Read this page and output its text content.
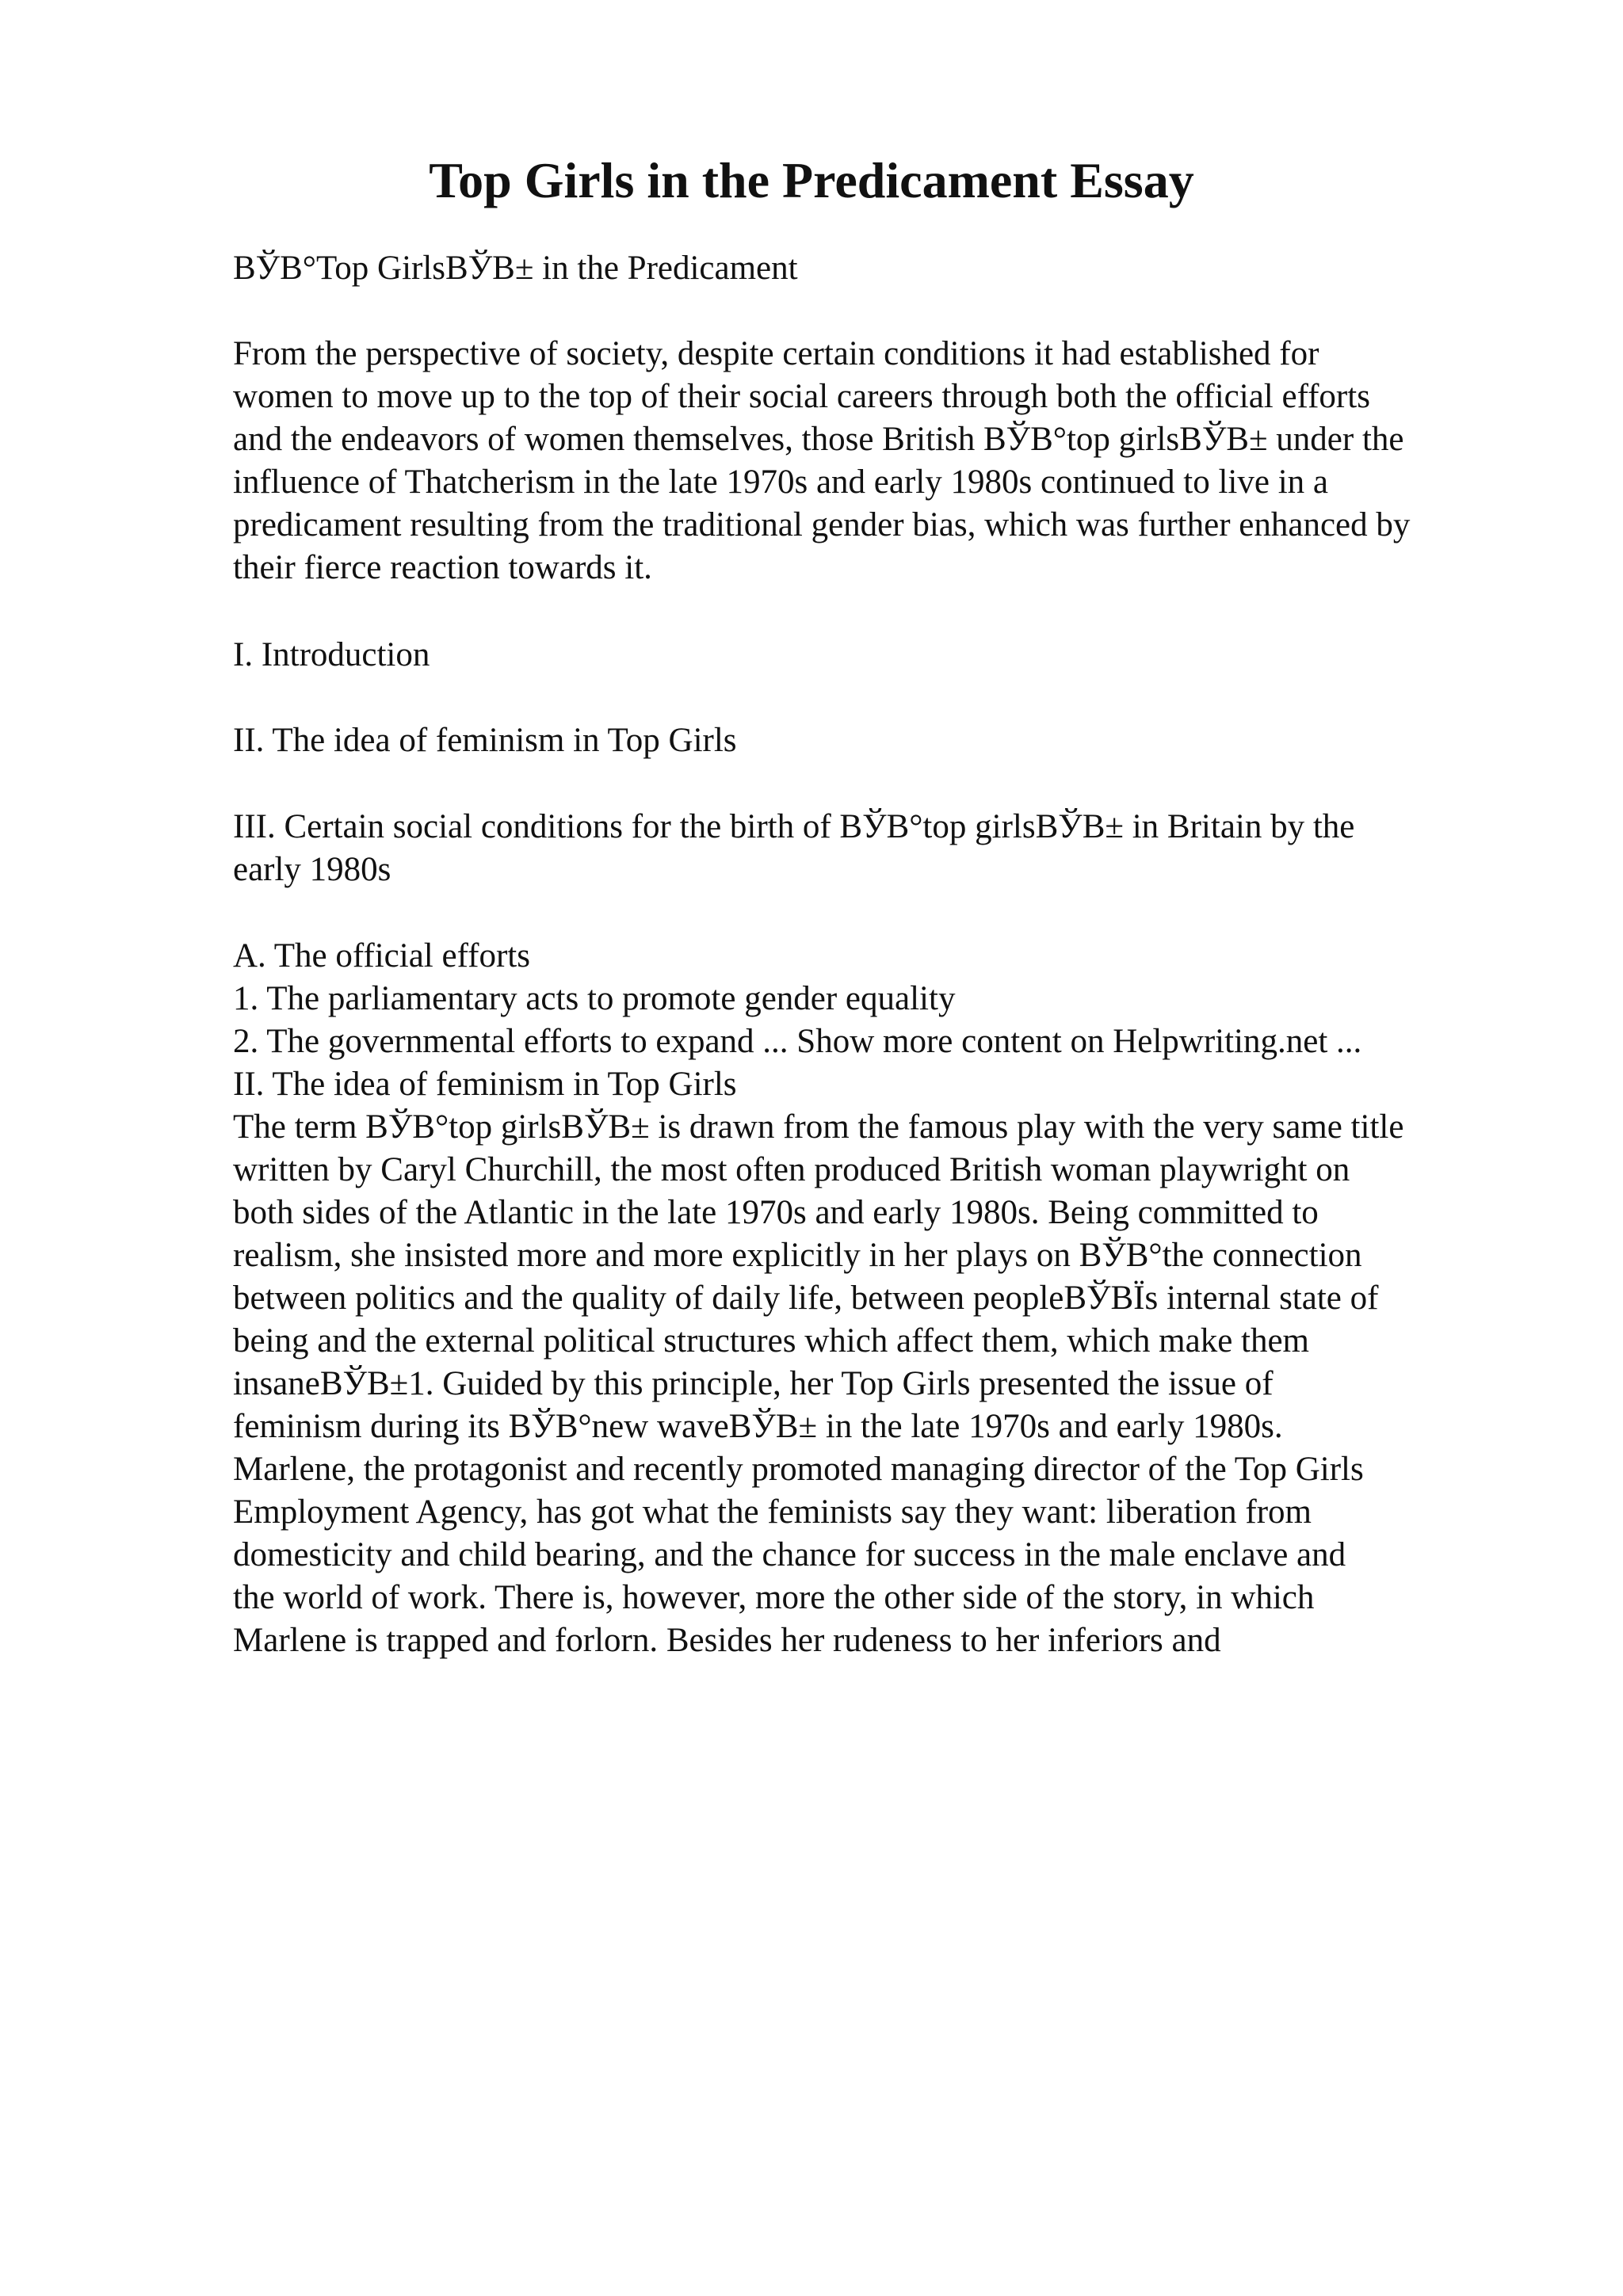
Top Girls in the Predicament Essay
BЎB°Top GirlsBЎB± in the Predicament
From the perspective of society, despite certain conditions it had established for
women to move up to the top of their social careers through both the official efforts
and the endeavors of women themselves, those British BЎB°top girlsBЎB± under the
influence of Thatcherism in the late 1970s and early 1980s continued to live in a
predicament resulting from the traditional gender bias, which was further enhanced by
their fierce reaction towards it.
I. Introduction
II. The idea of feminism in Top Girls
III. Certain social conditions for the birth of BЎB°top girlsBЎB± in Britain by the
early 1980s
A. The official efforts
1. The parliamentary acts to promote gender equality
2. The governmental efforts to expand ... Show more content on Helpwriting.net ...
II. The idea of feminism in Top Girls
The term BЎB°top girlsBЎB± is drawn from the famous play with the very same title
written by Caryl Churchill, the most often produced British woman playwright on
both sides of the Atlantic in the late 1970s and early 1980s. Being committed to
realism, she insisted more and more explicitly in her plays on BЎB°the connection
between politics and the quality of daily life, between peopleBЎBЇs internal state of
being and the external political structures which affect them, which make them
insaneBЎB±1. Guided by this principle, her Top Girls presented the issue of
feminism during its BЎB°new waveBЎB± in the late 1970s and early 1980s.
Marlene, the protagonist and recently promoted managing director of the Top Girls
Employment Agency, has got what the feminists say they want: liberation from
domesticity and child bearing, and the chance for success in the male enclave and
the world of work. There is, however, more the other side of the story, in which
Marlene is trapped and forlorn. Besides her rudeness to her inferiors and
